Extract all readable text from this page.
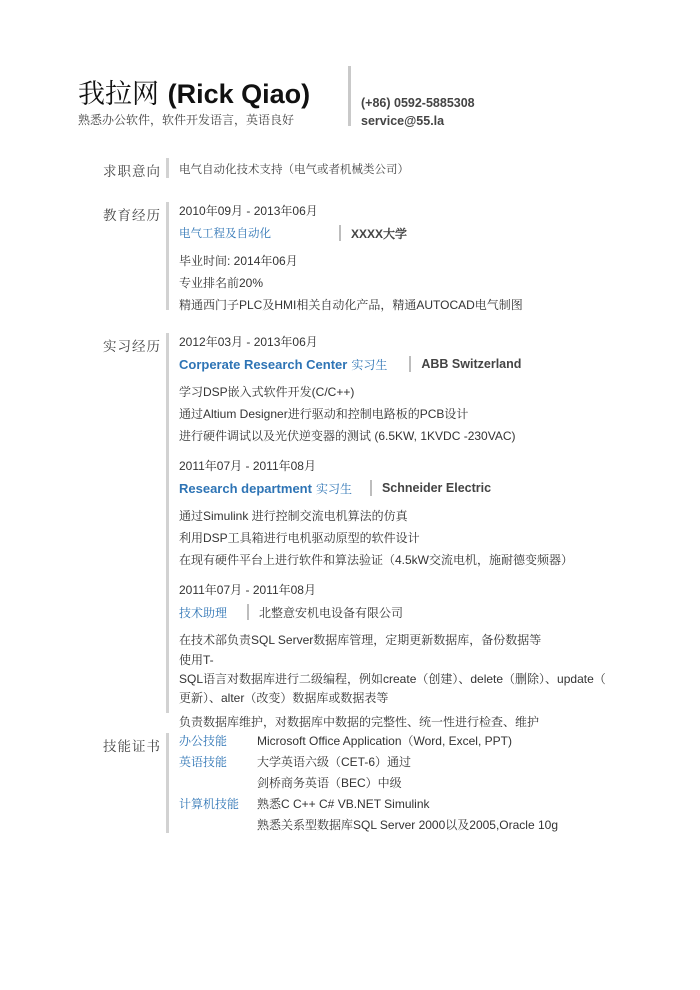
我拉网 (Rick Qiao)
熟悉办公软件，软件开发语言，英语良好
(+86) 0592-5885308
service@55.la
求职意向 电气自动化技术支持（电气或者机械类公司）
教育经历 2010年09月 - 2013年06月
电气工程及自动化	XXXX大学
毕业时间: 2014年06月
专业排名前20%
精通西门子PLC及HMI相关自动化产品，精通AUTOCAD电气制图
实习经历 2012年03月 - 2013年06月
Corperate Research Center 实习生	ABB Switzerland
学习DSP嵌入式软件开发(C/C++)
通过Altium Designer进行驱动和控制电路板的PCB设计
进行硬件调试以及光伏逆变器的测试 (6.5KW, 1KVDC -230VAC)
2011年07月 - 2011年08月
Research department 实习生 Schneider Electric
通过Simulink 进行控制交流电机算法的仿真
利用DSP工具箱进行电机驱动原型的软件设计
在现有硬件平台上进行软件和算法验证（4.5kW交流电机，施耐德变频器）
2011年07月 - 2011年08月
技术助理	北整意安机电设备有限公司
在技术部负责SQL Server数据库管理，定期更新数据库，备份数据等
使用T-
SQL语言对数据库进行二级编程，例如create（创建）、delete（删除）、update（
更新）、alter（改变）数据库或数据表等
负责数据库维护，对数据库中数据的完整性、统一性进行检查、维护
技能证书 办公技能	Microsoft Office Application（Word, Excel, PPT)
英语技能	大学英语六级（CET-6）通过
剑桥商务英语（BEC）中级
计算机技能	熟悉C C++ C# VB.NET Simulink
熟悉关系型数据库SQL Server 2000以及2005,Oracle 10g
